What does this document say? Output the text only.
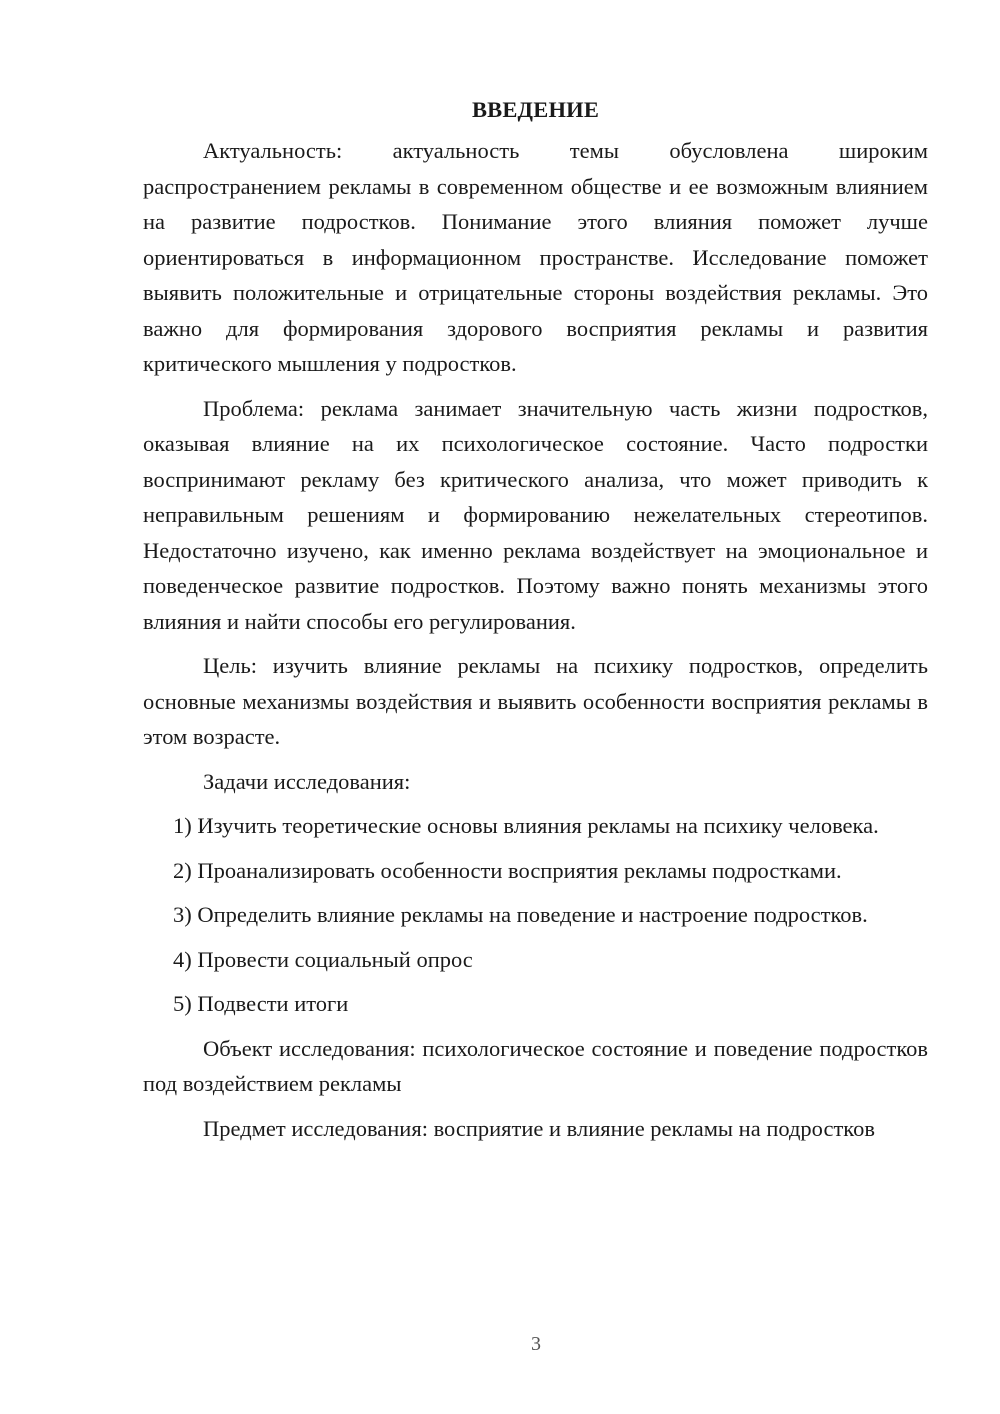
ВВЕДЕНИЕ

Актуальность: актуальность темы обусловлена широким распространением рекламы в современном обществе и ее возможным влиянием на развитие подростков. Понимание этого влияния поможет лучше ориентироваться в информационном пространстве. Исследование поможет выявить положительные и отрицательные стороны воздействия рекламы. Это важно для формирования здорового восприятия рекламы и развития критического мышления у подростков.

Проблема: реклама занимает значительную часть жизни подростков, оказывая влияние на их психологическое состояние. Часто подростки воспринимают рекламу без критического анализа, что может приводить к неправильным решениям и формированию нежелательных стереотипов. Недостаточно изучено, как именно реклама воздействует на эмоциональное и поведенческое развитие подростков. Поэтому важно понять механизмы этого влияния и найти способы его регулирования.

Цель: изучить влияние рекламы на психику подростков, определить основные механизмы воздействия и выявить особенности восприятия рекламы в этом возрасте.

Задачи исследования:

1) Изучить теоретические основы влияния рекламы на психику человека.

2) Проанализировать особенности восприятия рекламы подростками.

3) Определить влияние рекламы на поведение и настроение подростков.

4) Провести социальный опрос

5) Подвести итоги

Объект исследования: психологическое состояние и поведение подростков под воздействием рекламы

Предмет исследования: восприятие и влияние рекламы на подростков

3
